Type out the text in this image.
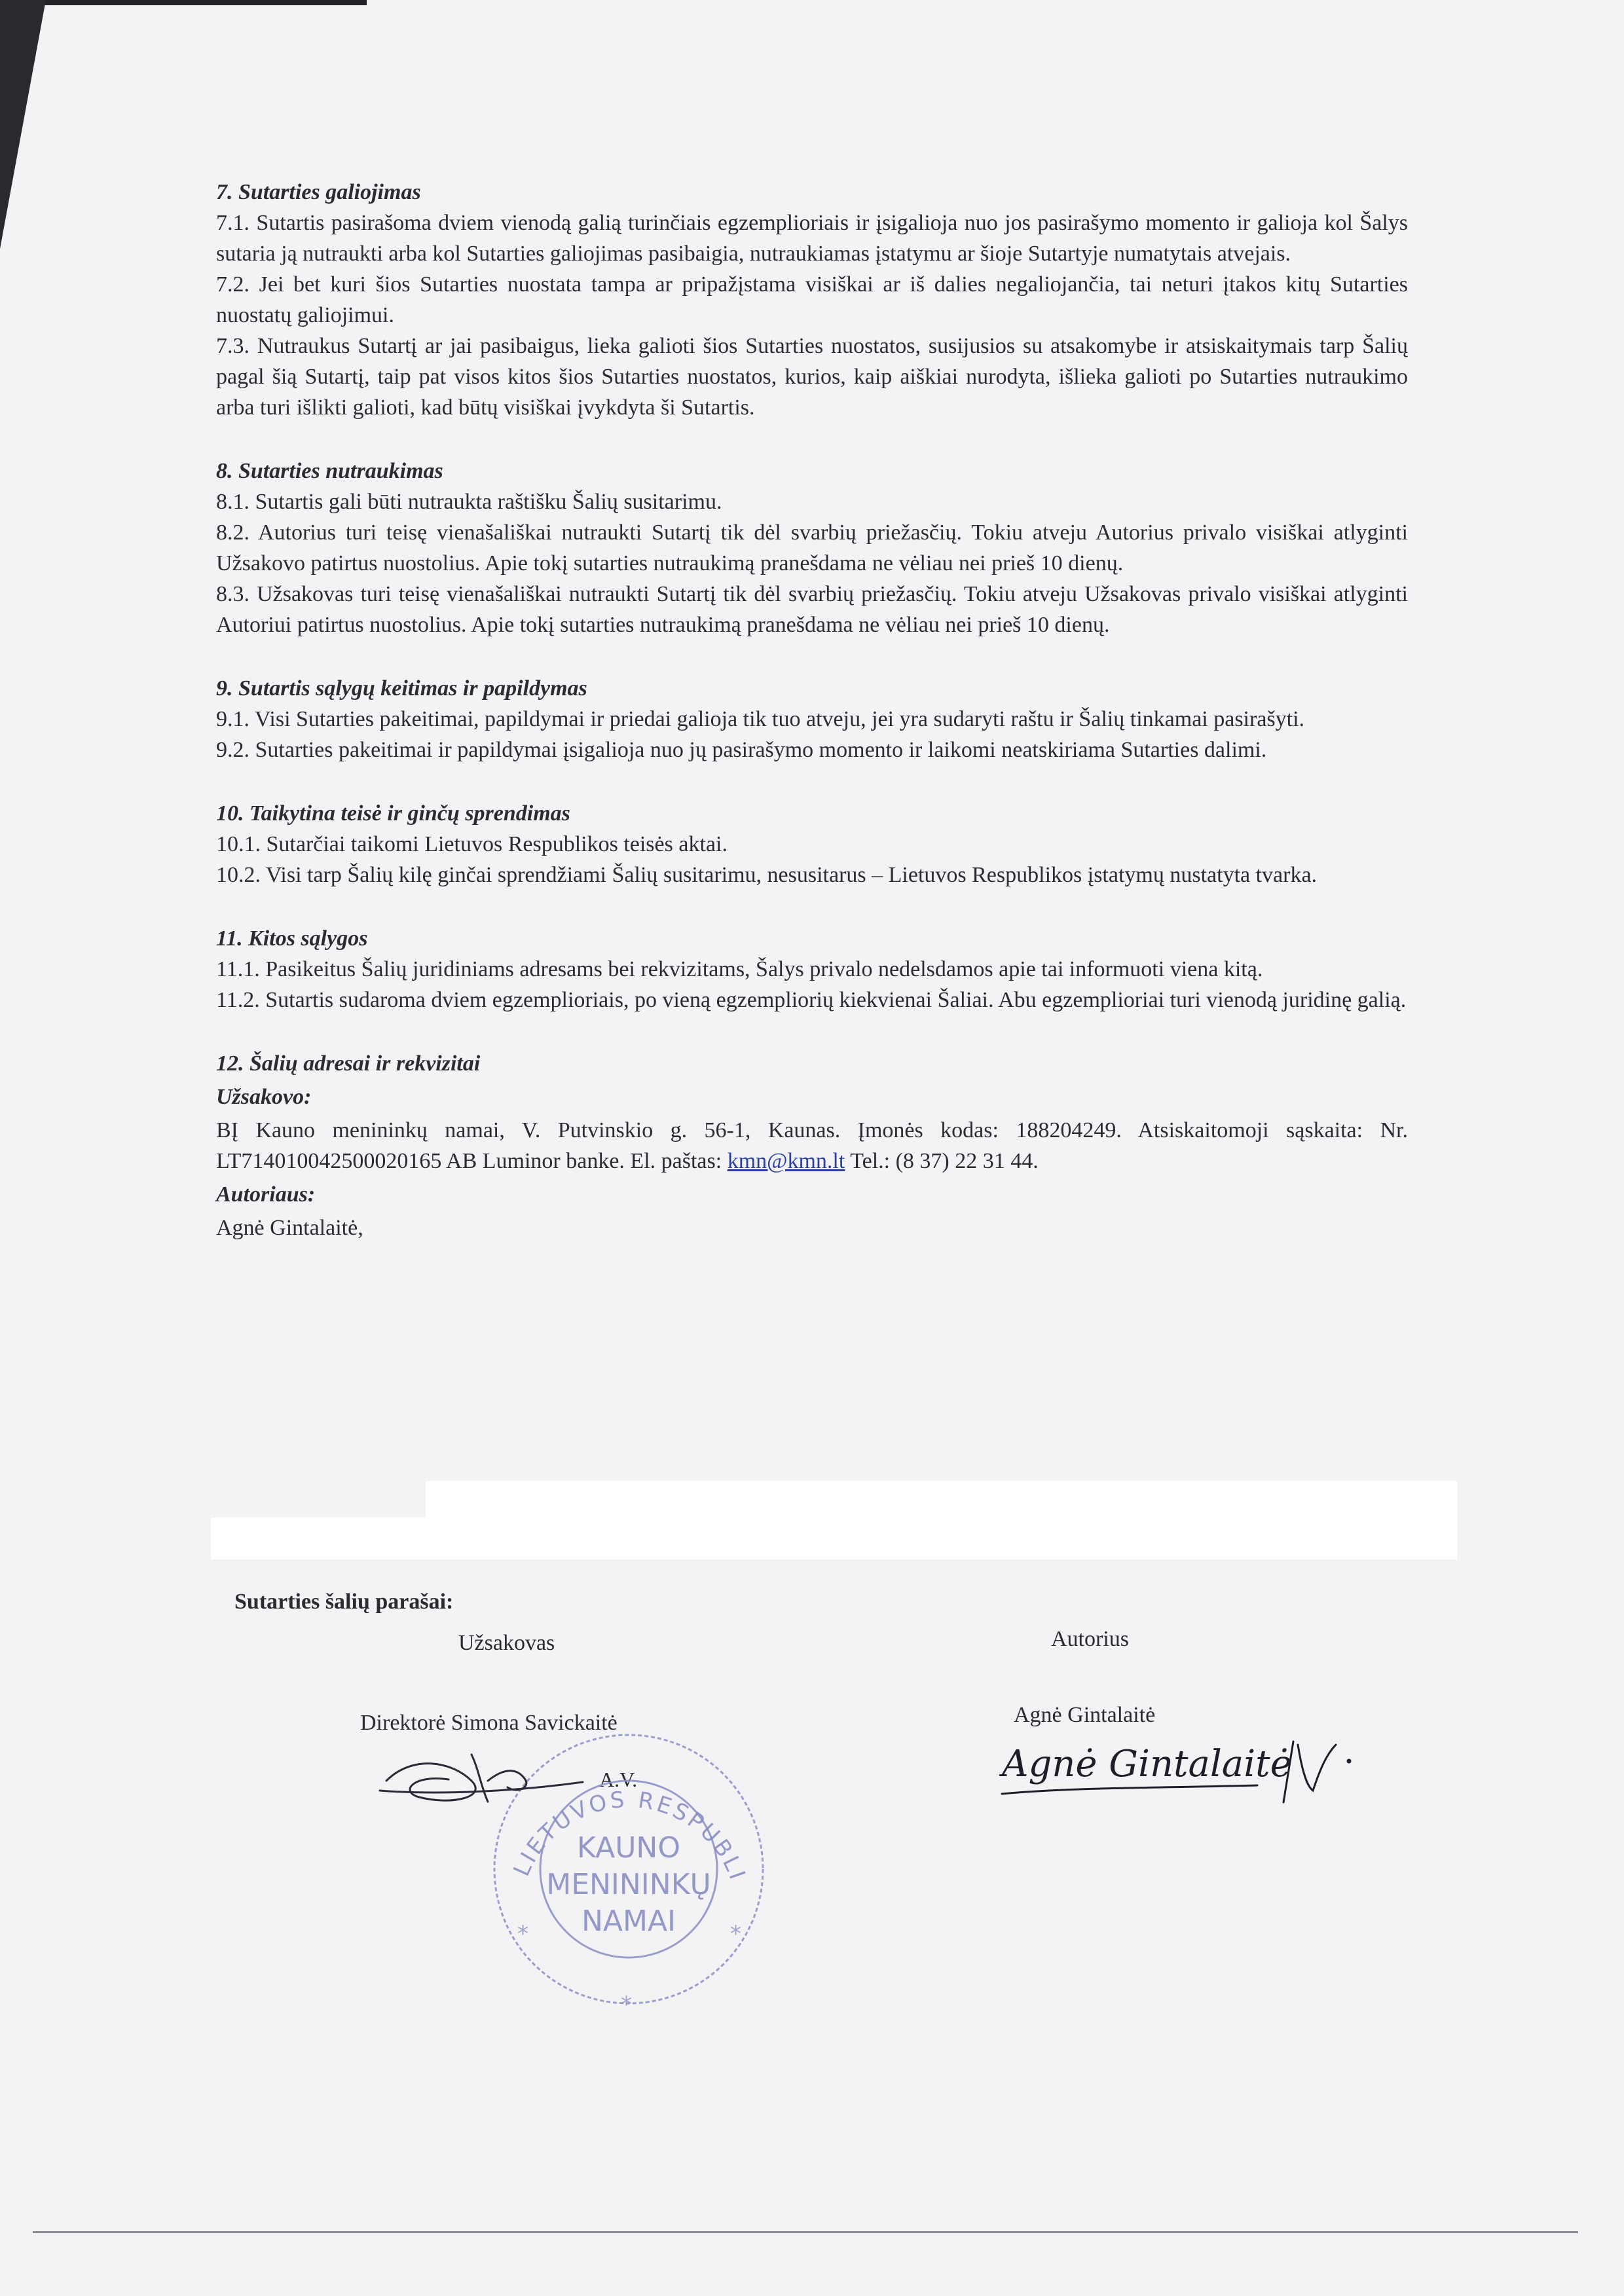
7. Sutarties galiojimas

7.1. Sutartis pasirašoma dviem vienodą galią turinčiais egzemplioriais ir įsigalioja nuo jos pasirašymo momento ir galioja kol Šalys sutaria ją nutraukti arba kol Sutarties galiojimas pasibaigia, nutraukiamas įstatymu ar šioje Sutartyje numatytais atvejais.

7.2. Jei bet kuri šios Sutarties nuostata tampa ar pripažįstama visiškai ar iš dalies negaliojančia, tai neturi įtakos kitų Sutarties nuostatų galiojimui.

7.3. Nutraukus Sutartį ar jai pasibaigus, lieka galioti šios Sutarties nuostatos, susijusios su atsakomybe ir atsiskaitymais tarp Šalių pagal šią Sutartį, taip pat visos kitos šios Sutarties nuostatos, kurios, kaip aiškiai nurodyta, išlieka galioti po Sutarties nutraukimo arba turi išlikti galioti, kad būtų visiškai įvykdyta ši Sutartis.

8. Sutarties nutraukimas

8.1. Sutartis gali būti nutraukta raštišku Šalių susitarimu.

8.2. Autorius turi teisę vienašališkai nutraukti Sutartį tik dėl svarbių priežasčių. Tokiu atveju Autorius privalo visiškai atlyginti Užsakovo patirtus nuostolius. Apie tokį sutarties nutraukimą pranešdama ne vėliau nei prieš 10 dienų.

8.3. Užsakovas turi teisę vienašališkai nutraukti Sutartį tik dėl svarbių priežasčių. Tokiu atveju Užsakovas privalo visiškai atlyginti Autoriui patirtus nuostolius. Apie tokį sutarties nutraukimą pranešdama ne vėliau nei prieš 10 dienų.

9. Sutartis sąlygų keitimas ir papildymas

9.1. Visi Sutarties pakeitimai, papildymai ir priedai galioja tik tuo atveju, jei yra sudaryti raštu ir Šalių tinkamai pasirašyti.

9.2. Sutarties pakeitimai ir papildymai įsigalioja nuo jų pasirašymo momento ir laikomi neatskiriama Sutarties dalimi.

10. Taikytina teisė ir ginčų sprendimas

10.1. Sutarčiai taikomi Lietuvos Respublikos teisės aktai.

10.2. Visi tarp Šalių kilę ginčai sprendžiami Šalių susitarimu, nesusitarus – Lietuvos Respublikos įstatymų nustatyta tvarka.

11. Kitos sąlygos

11.1. Pasikeitus Šalių juridiniams adresams bei rekvizitams, Šalys privalo nedelsdamos apie tai informuoti viena kitą.

11.2. Sutartis sudaroma dviem egzemplioriais, po vieną egzempliorių kiekvienai Šaliai. Abu egzemplioriai turi vienodą juridinę galią.

12. Šalių adresai ir rekvizitai

Užsakovo:

BĮ Kauno menininkų namai, V. Putvinskio g. 56-1, Kaunas. Įmonės kodas: 188204249. Atsiskaitomoji sąskaita: Nr. LT714010042500020165 AB Luminor banke. El. paštas: kmn@kmn.lt Tel.: (8 37) 22 31 44.

Autoriaus:

Agnė Gintalaitė,

Sutarties šalių parašai:
Užsakovas	Autorius
Direktorė Simona Savickaitė	Agnė Gintalaitė
A.V.
LIETUVOS RESPUBLI
KAUNO
MENININKŲ
NAMAI
*	*
*
Agnė Gintalaitė
